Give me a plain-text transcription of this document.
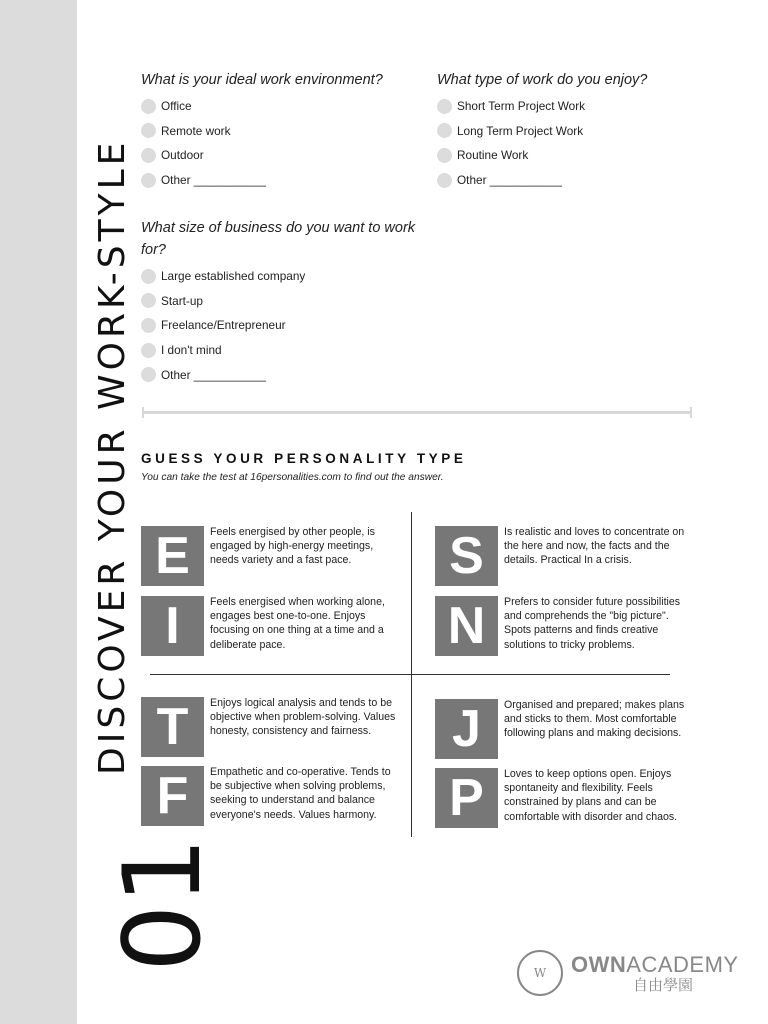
DISCOVER YOUR WORK-STYLE
01

What is your ideal work environment?

Office
Remote work
Outdoor
Other ___________

What type of work do you enjoy?

Short Term Project Work
Long Term Project Work
Routine Work
Other ___________

What size of business do you want to work for?

Large established company
Start-up
Freelance/Entrepreneur
I don't mind
Other ___________

GUESS YOUR PERSONALITY TYPE

You can take the test at 16personalities.com to find out the answer.

E	Feels energised by other people, is engaged by high-energy meetings, needs variety and a fast pace.
I	Feels energised when working alone, engages best one-to-one. Enjoys focusing on one thing at a time and a deliberate pace.
S	Is realistic and loves to concentrate on the here and now, the facts and the details. Practical In a crisis.
N	Prefers to consider future possibilities and comprehends the "big picture". Spots patterns and finds creative solutions to tricky problems.
T	Enjoys logical analysis and tends to be objective when problem-solving. Values honesty, consistency and fairness.
F	Empathetic and co-operative. Tends to be subjective when solving problems, seeking to understand and balance everyone's needs. Values harmony.
J	Organised and prepared; makes plans and sticks to them. Most comfortable following plans and making decisions.
P	Loves to keep options open. Enjoys spontaneity and flexibility. Feels constrained by plans and can be comfortable with disorder and chaos.
W	OWNACADEMY
自由學園
